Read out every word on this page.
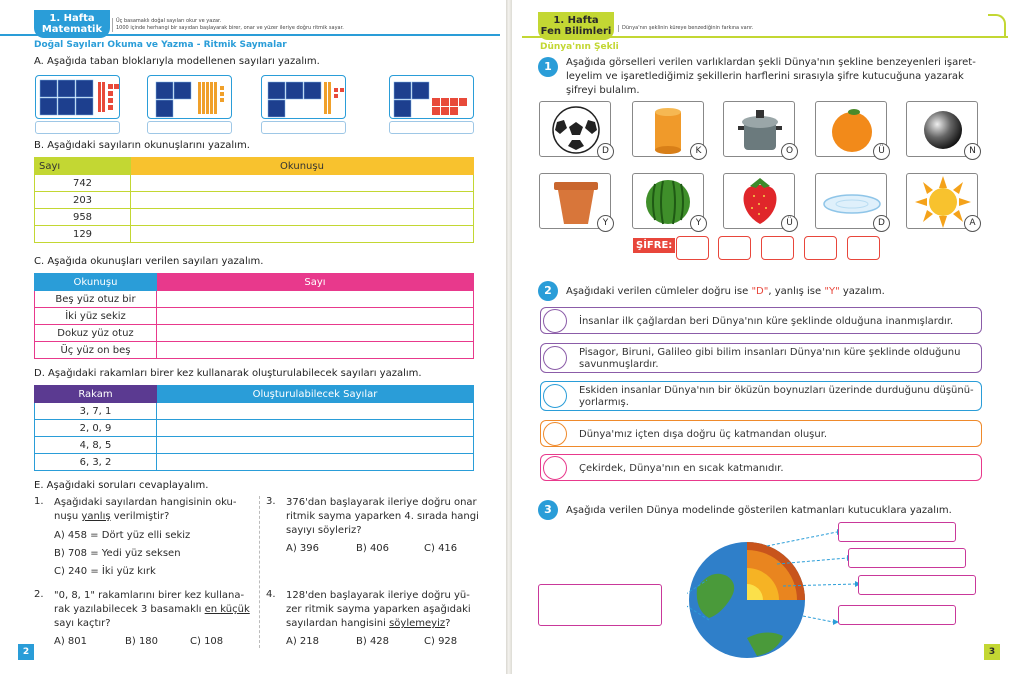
1. Hafta
Matematik
Üç basamaklı doğal sayıları okur ve yazar.
1000 içinde herhangi bir sayıdan başlayarak birer, onar ve yüzer ileriye doğru ritmik sayar.
Doğal Sayıları Okuma ve Yazma - Ritmik Saymalar
A. Aşağıda taban bloklarıyla modellenen sayıları yazalım.
B. Aşağıdaki sayıların okunuşlarını yazalım.
Sayı	Okunuşu
742	
203	
958	
129	
C. Aşağıda okunuşları verilen sayıları yazalım.
Okunuşu	Sayı
Beş yüz otuz bir	
İki yüz sekiz	
Dokuz yüz otuz	
Üç yüz on beş	
D. Aşağıdaki rakamları birer kez kullanarak oluşturulabilecek sayıları yazalım.
Rakam	Oluşturulabilecek Sayılar
3, 7, 1	
2, 0, 9	
4, 8, 5	
6, 3, 2	
E. Aşağıdaki soruları cevaplayalım.
1. Aşağıdaki sayılardan hangisinin oku-
nuşu yanlış verilmiştir?
A) 458 = Dört yüz elli sekiz
B) 708 = Yedi yüz seksen
C) 240 = İki yüz kırk
2. "0, 8, 1" rakamlarını birer kez kullana-
rak yazılabilecek 3 basamaklı en küçük
sayı kaçtır?
A) 801	B) 180	C) 108
3. 376'dan başlayarak ileriye doğru onar
ritmik sayma yaparken 4. sırada hangi
sayıyı söyleriz?
A) 396	B) 406	C) 416
4. 128'den başlayarak ileriye doğru yü-
zer ritmik sayma yaparken aşağıdaki
sayılardan hangisini söylemeyiz?
A) 218	B) 428	C) 928
2
1. Hafta
Fen Bilimleri	Dünya'nın şeklinin küreye benzediğinin farkına varır.
Dünya'nın Şekli
1	Aşağıda görselleri verilen varlıklardan şekli Dünya'nın şekline benzeyenleri işaret-
leyelim ve işaretlediğimiz şekillerin harflerini sırasıyla şifre kutucuğuna yazarak
şifreyi bulalım.
D	K	O	Ü	N
Y	Y	Ü	D	A
ŞİFRE:
2	Aşağıdaki verilen cümleler doğru ise "D", yanlış ise "Y" yazalım.
İnsanlar ilk çağlardan beri Dünya'nın küre şeklinde olduğuna inanmışlardır.
Pisagor, Biruni, Galileo gibi bilim insanları Dünya'nın küre şeklinde olduğunu
savunmuşlardır.
Eskiden insanlar Dünya'nın bir öküzün boynuzları üzerinde durduğunu düşünü-
yorlarmış.
Dünya'mız içten dışa doğru üç katmandan oluşur.
Çekirdek, Dünya'nın en sıcak katmanıdır.
3	Aşağıda verilen Dünya modelinde gösterilen katmanları kutucuklara yazalım.
3
